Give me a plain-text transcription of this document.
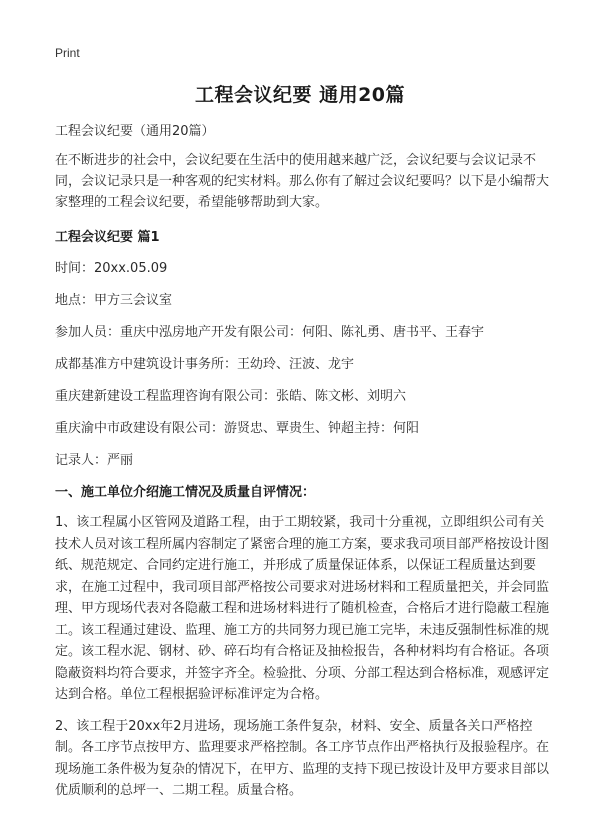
Print
工程会议纪要 通用20篇

工程会议纪要（通用20篇）

在不断进步的社会中，会议纪要在生活中的使用越来越广泛，会议纪要与会议记录不同，会议记录只是一种客观的纪实材料。那么你有了解过会议纪要吗？以下是小编帮大家整理的工程会议纪要，希望能够帮助到大家。

工程会议纪要 篇1

时间：20xx.05.09

地点：甲方三会议室

参加人员：重庆中泓房地产开发有限公司：何阳、陈礼勇、唐书平、王春宇

成都基准方中建筑设计事务所：王幼玲、汪波、龙宇

重庆建新建设工程监理咨询有限公司：张皓、陈文彬、刘明六

重庆渝中市政建设有限公司：游贤忠、覃贵生、钟超主持：何阳

记录人：严丽

一、施工单位介绍施工情况及质量自评情况：

1、该工程属小区管网及道路工程，由于工期较紧，我司十分重视，立即组织公司有关技术人员对该工程所属内容制定了紧密合理的施工方案，要求我司项目部严格按设计图纸、规范规定、合同约定进行施工，并形成了质量保证体系，以保证工程质量达到要求，在施工过程中，我司项目部严格按公司要求对进场材料和工程质量把关，并会同监理、甲方现场代表对各隐蔽工程和进场材料进行了随机检查，合格后才进行隐蔽工程施工。该工程通过建设、监理、施工方的共同努力现已施工完毕，未违反强制性标准的规定。该工程水泥、钢材、砂、碎石均有合格证及抽检报告，各种材料均有合格证。各项隐蔽资料均符合要求，并签字齐全。检验批、分项、分部工程达到合格标准，观感评定达到合格。单位工程根据验评标准评定为合格。

2、该工程于20xx年2月进场，现场施工条件复杂，材料、安全、质量各关口严格控制。各工序节点按甲方、监理要求严格控制。各工序节点作出严格执行及报验程序。在现场施工条件极为复杂的情况下，在甲方、监理的支持下现已按设计及甲方要求目部以优质顺利的总坪一、二期工程。质量合格。
